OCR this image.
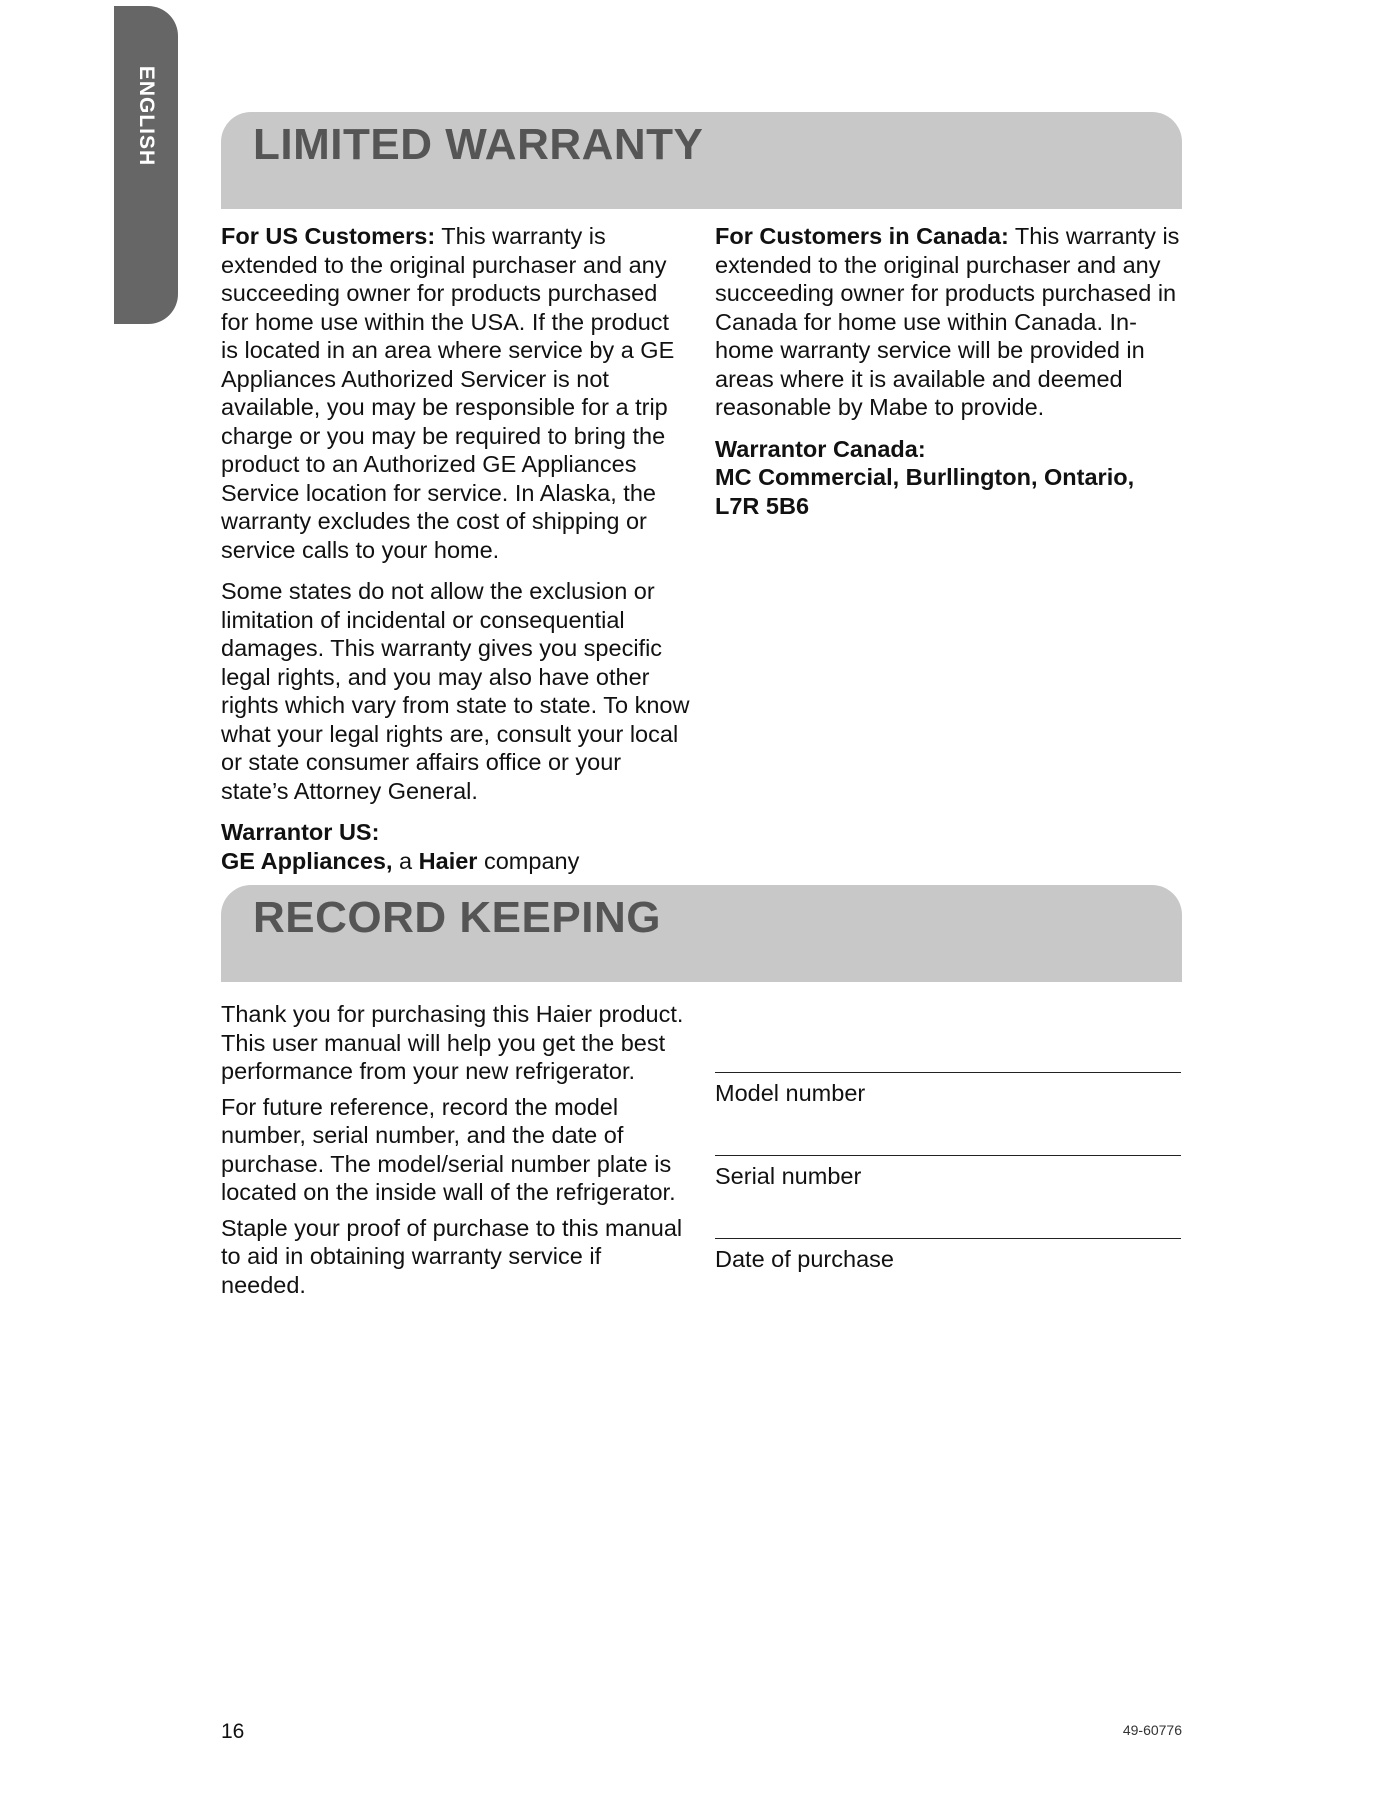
ENGLISH LIMITED WARRANTY

For US Customers: This warranty is extended to the original purchaser and any succeeding owner for products purchased for home use within the USA. If the product is located in an area where service by a GE Appliances Authorized Servicer is not available, you may be responsible for a trip charge or you may be required to bring the product to an Authorized GE Appliances Service location for service. In Alaska, the warranty excludes the cost of shipping or service calls to your home.

Some states do not allow the exclusion or limitation of incidental or consequential damages. This warranty gives you specific legal rights, and you may also have other rights which vary from state to state. To know what your legal rights are, consult your local or state consumer affairs office or your state’s Attorney General.

Warrantor US:
GE Appliances, a Haier company

For Customers in Canada: This warranty is extended to the original purchaser and any succeeding owner for products purchased in Canada for home use within Canada. In- home warranty service will be provided in areas where it is available and deemed reasonable by Mabe to provide.

Warrantor Canada:
MC Commercial, Burllington, Ontario,
L7R 5B6

RECORD KEEPING

Thank you for purchasing this Haier product. This user manual will help you get the best performance from your new refrigerator.

For future reference, record the model number, serial number, and the date of purchase. The model/serial number plate is located on the inside wall of the refrigerator.

Staple your proof of purchase to this manual to aid in obtaining warranty service if needed.

Model number
Serial number
Date of purchase
16	49-60776
